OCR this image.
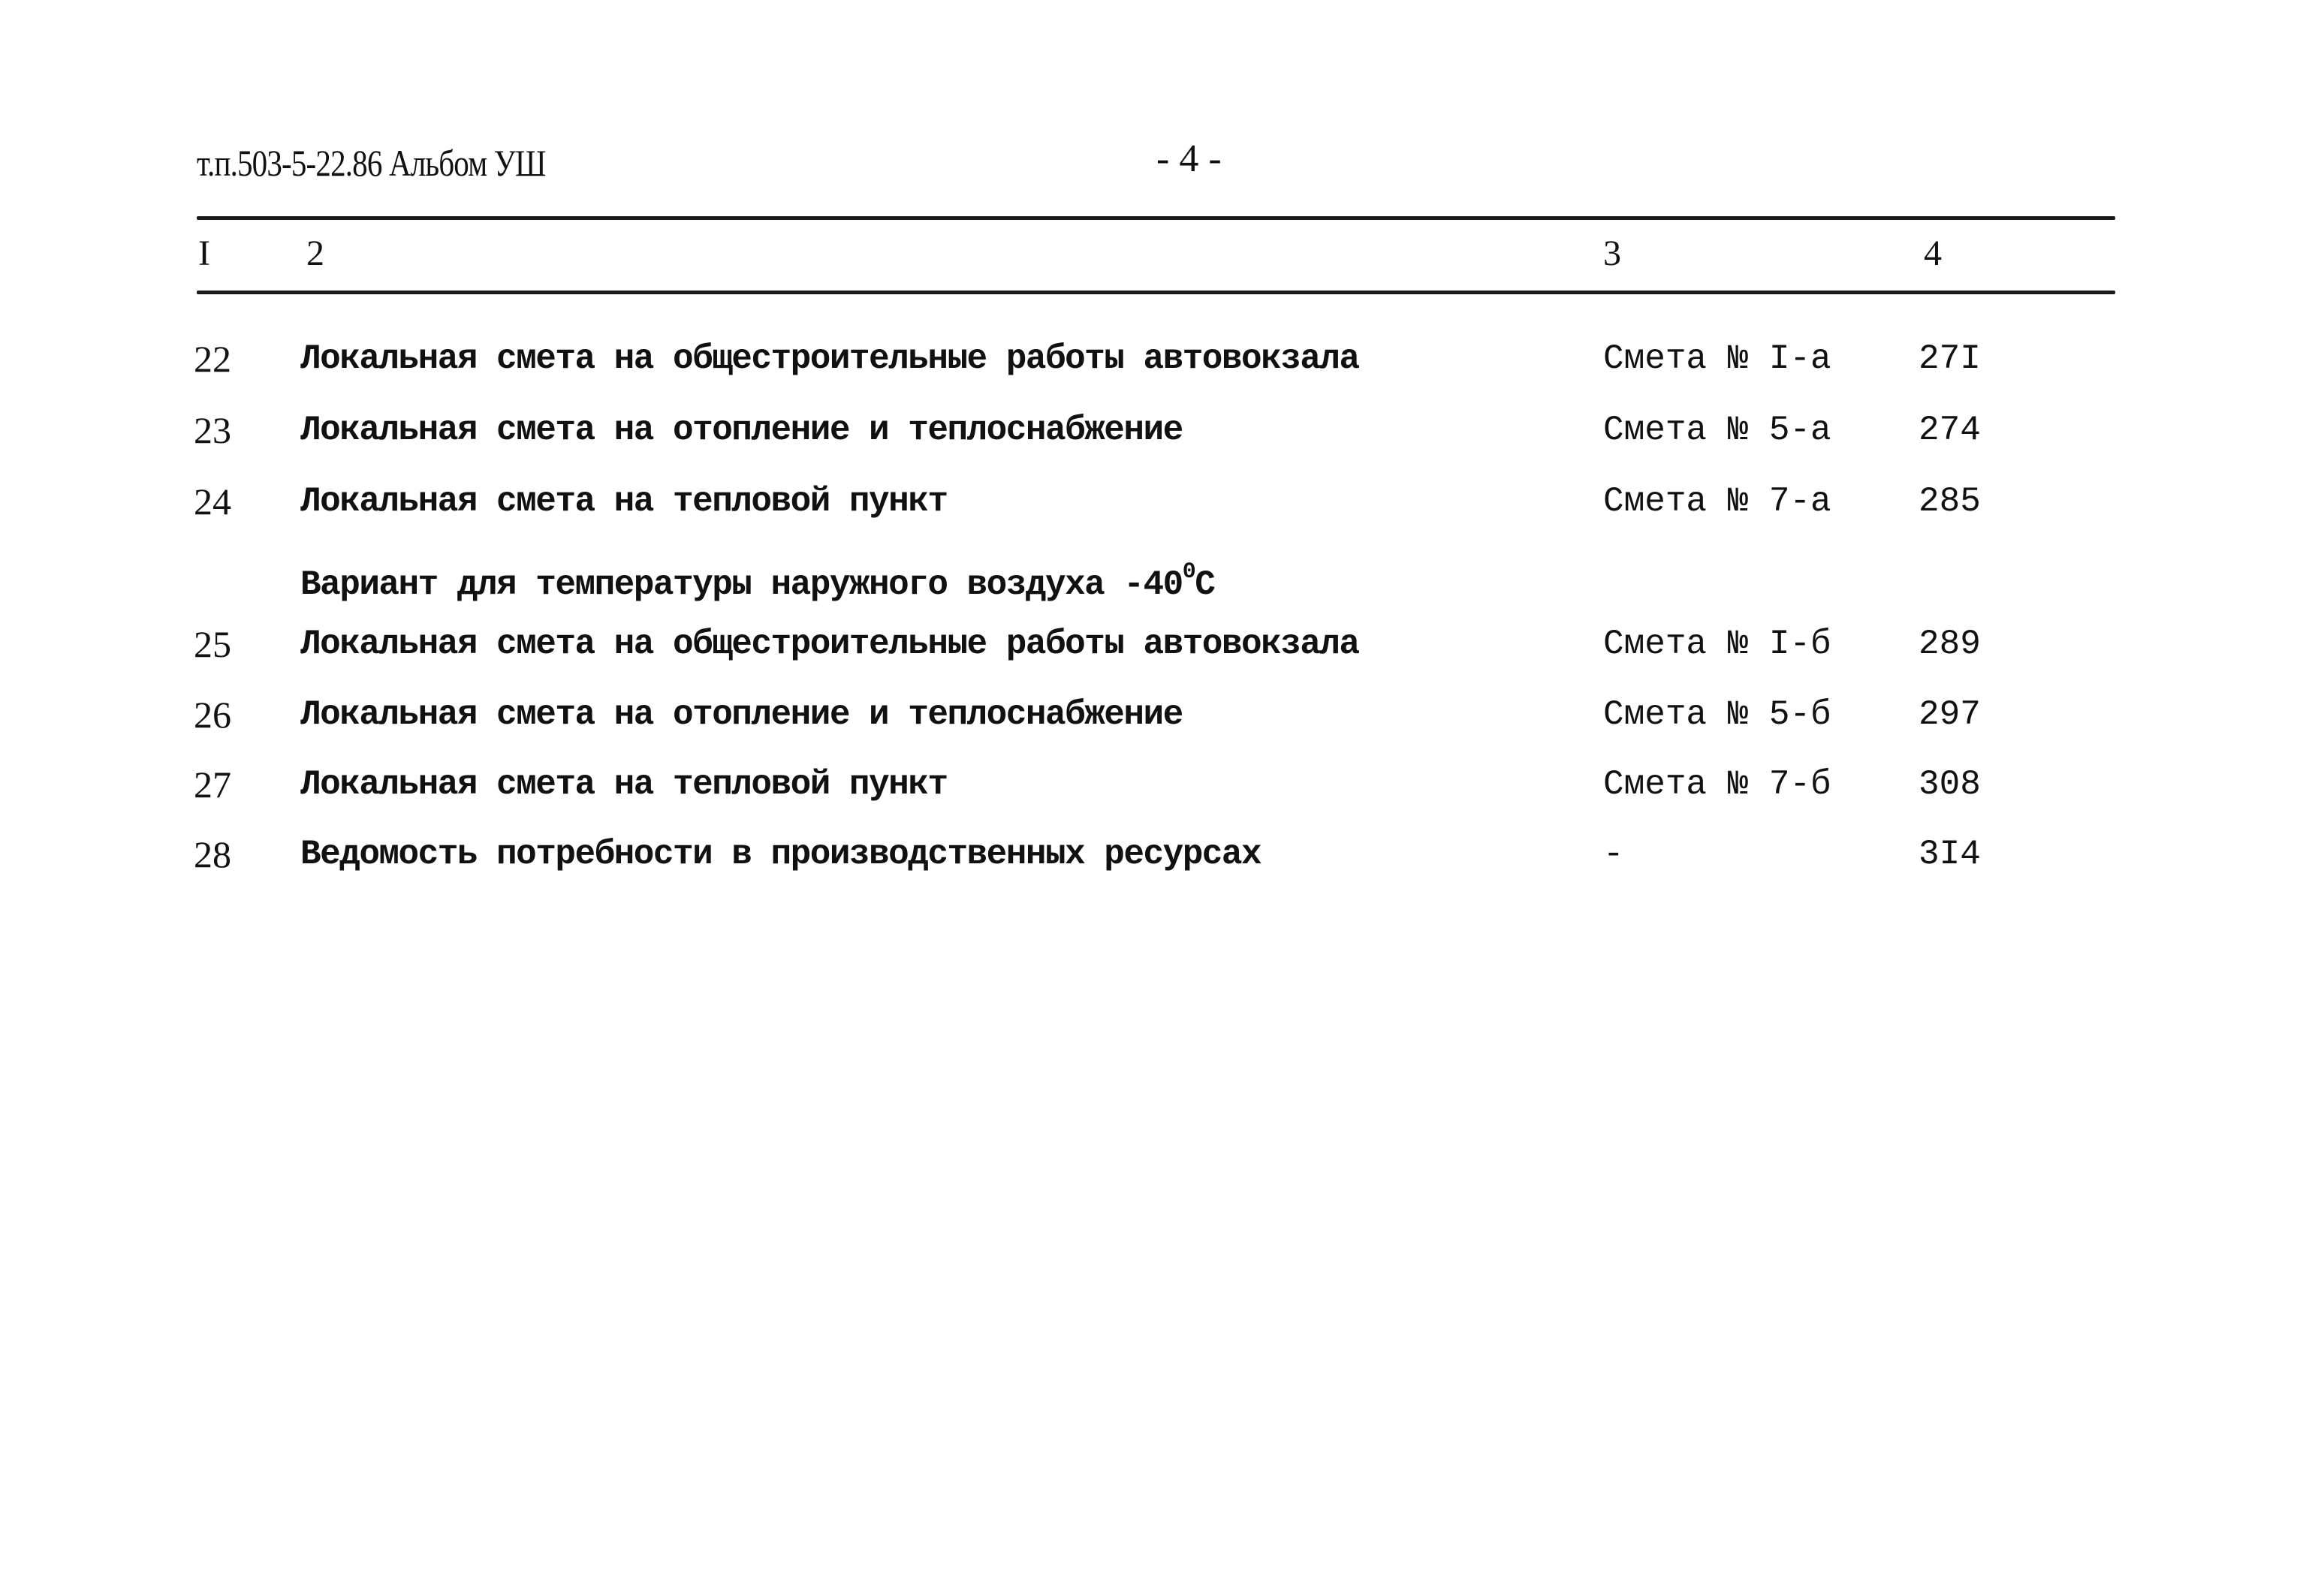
т.п.503-5-22.86 Альбом УШ	- 4 -
I	2	3	4
22 Локальная смета на общестроительные работы автовокзала	Смета № I-а	27I
23 Локальная смета на отопление и теплоснабжение	Смета № 5-а	274
24 Локальная смета на тепловой пункт	Смета № 7-а	285
Вариант для температуры наружного воздуха $-40^0С$
25 Локальная смета на общестроительные работы автовокзала	Смета № I-б	289
26 Локальная смета на отопление и теплоснабжение	Смета № 5-б	297
27 Локальная смета на тепловой пункт	Смета № 7-б	308
28 Ведомость потребности в производственных ресурсах	-	3I4
